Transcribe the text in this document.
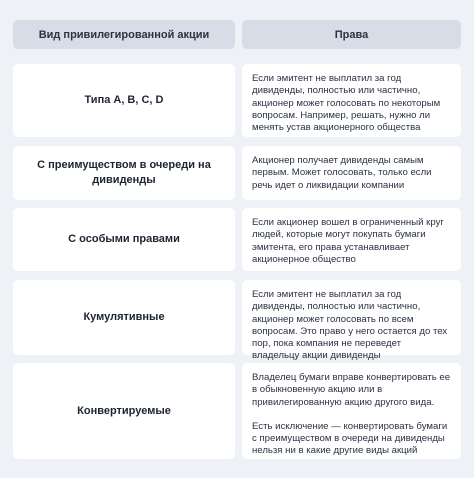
Вид привилегированной акции	Права
Типа A, B, C, D
Если эмитент не выплатил за год дивиденды, полностью или частично, акционер может голосовать по некоторым вопросам. Например, решать, нужно ли менять устав акционерного общества
С преимуществом в очереди на дивиденды
Акционер получает дивиденды самым первым. Может голосовать, только если речь идет о ликвидации компании
С особыми правами
Если акционер вошел в ограниченный круг людей, которые могут покупать бумаги эмитента, его права устанавливает акционерное общество
Кумулятивные
Если эмитент не выплатил за год дивиденды, полностью или частично, акционер может голосовать по всем вопросам. Это право у него остается до тех пор, пока компания не переведет владельцу акции дивиденды
Конвертируемые
Владелец бумаги вправе конвертировать ее в обыкновенную акцию или в привилегированную акцию другого вида.
Есть исключение — конвертировать бумаги с преимуществом в очереди на дивиденды нельзя ни в какие другие виды акций
